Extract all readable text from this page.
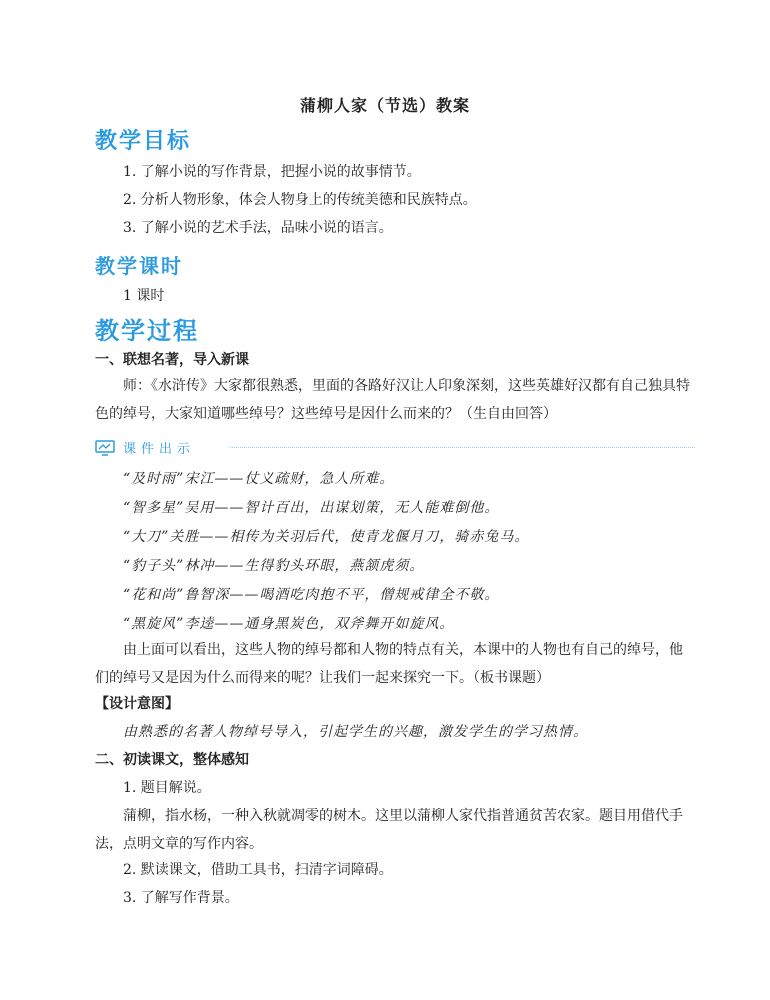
蒲柳人家（节选）教案
教学目标

1. 了解小说的写作背景，把握小说的故事情节。

2. 分析人物形象，体会人物身上的传统美德和民族特点。

3. 了解小说的艺术手法，品味小说的语言。

教学课时

1 课时

教学过程

一、联想名著，导入新课

师：《水浒传》大家都很熟悉，里面的各路好汉让人印象深刻，这些英雄好汉都有自己独具特色的绰号，大家知道哪些绰号？这些绰号是因什么而来的？（生自由回答）

课件出示

“及时雨”宋江——仗义疏财，急人所难。

“智多星”吴用——智计百出，出谋划策，无人能难倒他。

“大刀”关胜——相传为关羽后代，使青龙偃月刀，骑赤兔马。

“豹子头”林冲——生得豹头环眼，燕颔虎须。

“花和尚”鲁智深——喝酒吃肉抱不平，僧规戒律全不敬。

“黑旋风”李逵——通身黑炭色，双斧舞开如旋风。

由上面可以看出，这些人物的绰号都和人物的特点有关，本课中的人物也有自己的绰号，他们的绰号又是因为什么而得来的呢？让我们一起来探究一下。（板书课题）

【设计意图】

由熟悉的名著人物绰号导入，引起学生的兴趣，激发学生的学习热情。

二、初读课文，整体感知

1. 题目解说。

蒲柳，指水杨，一种入秋就凋零的树木。这里以蒲柳人家代指普通贫苦农家。题目用借代手法，点明文章的写作内容。

2. 默读课文，借助工具书，扫清字词障碍。

3. 了解写作背景。
